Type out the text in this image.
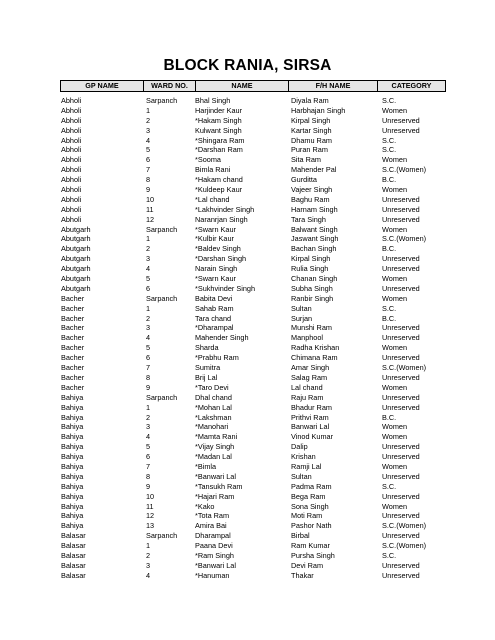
BLOCK RANIA, SIRSA
GP NAME	WARD NO.	NAME	F/H NAME	CATEGORY
Abholi	Sarpanch	Bhal Singh	Diyala Ram	S.C.
Abholi	1	Harjinder Kaur	Harbhajan Singh	Women
Abholi	2	*Hakam Singh	Kirpal Singh	Unreserved
Abholi	3	Kulwant Singh	Kartar Singh	Unreserved
Abholi	4	*Shingara Ram	Dhamu Ram	S.C.
Abholi	5	*Darshan Ram	Puran Ram	S.C.
Abholi	6	*Sooma	Sita Ram	Women
Abholi	7	Bimla Rani	Mahender Pal	S.C.(Women)
Abholi	8	*Hakam chand	Gurditta	B.C.
Abholi	9	*Kuldeep Kaur	Vajeer Singh	Women
Abholi	10	*Lal chand	Baghu Ram	Unreserved
Abholi	11	*Lakhvinder Singh	Harnam Singh	Unreserved
Abholi	12	Naranrjan Singh	Tara Singh	Unreserved
Abutgarh	Sarpanch	*Swarn Kaur	Balwant Singh	Women
Abutgarh	1	*Kulbir Kaur	Jaswant Singh	S.C.(Women)
Abutgarh	2	*Baldev Singh	Bachan Singh	B.C.
Abutgarh	3	*Darshan Singh	Kirpal Singh	Unreserved
Abutgarh	4	Narain Singh	Rulia Singh	Unreserved
Abutgarh	5	*Swarn Kaur	Chanan Singh	Women
Abutgarh	6	*Sukhvinder Singh	Subha Singh	Unreserved
Bacher	Sarpanch	Babita Devi	Ranbir Singh	Women
Bacher	1	Sahab Ram	Sultan	S.C.
Bacher	2	Tara chand	Surjan	B.C.
Bacher	3	*Dharampal	Munshi Ram	Unreserved
Bacher	4	Mahender Singh	Manphool	Unreserved
Bacher	5	Sharda	Radha Krishan	Women
Bacher	6	*Prabhu Ram	Chimana Ram	Unreserved
Bacher	7	Sumitra	Amar Singh	S.C.(Women)
Bacher	8	Brij Lal	Salag Ram	Unreserved
Bacher	9	*Taro Devi	Lal chand	Women
Bahiya	Sarpanch	Dhal chand	Raju Ram	Unreserved
Bahiya	1	*Mohan Lal	Bhadur Ram	Unreserved
Bahiya	2	*Lakshman	Prithvi Ram	B.C.
Bahiya	3	*Manohari	Banwari Lal	Women
Bahiya	4	*Mamta Rani	Vinod Kumar	Women
Bahiya	5	*Vijay Singh	Dalip	Unreserved
Bahiya	6	*Madan Lal	Krishan	Unreserved
Bahiya	7	*Bimla	Ramji Lal	Women
Bahiya	8	*Banwari Lal	Sultan	Unreserved
Bahiya	9	*Tansukh Ram	Padma Ram	S.C.
Bahiya	10	*Hajari Ram	Bega Ram	Unreserved
Bahiya	11	*Kako	Sona Singh	Women
Bahiya	12	*Tota Ram	Moti Ram	Unreserved
Bahiya	13	Amira Bai	Pashor Nath	S.C.(Women)
Balasar	Sarpanch	Dharampal	Birbal	Unreserved
Balasar	1	Paana Devi	Ram Kumar	S.C.(Women)
Balasar	2	*Ram Singh	Pursha Singh	S.C.
Balasar	3	*Banwari Lal	Devi Ram	Unreserved
Balasar	4	*Hanuman	Thakar	Unreserved
